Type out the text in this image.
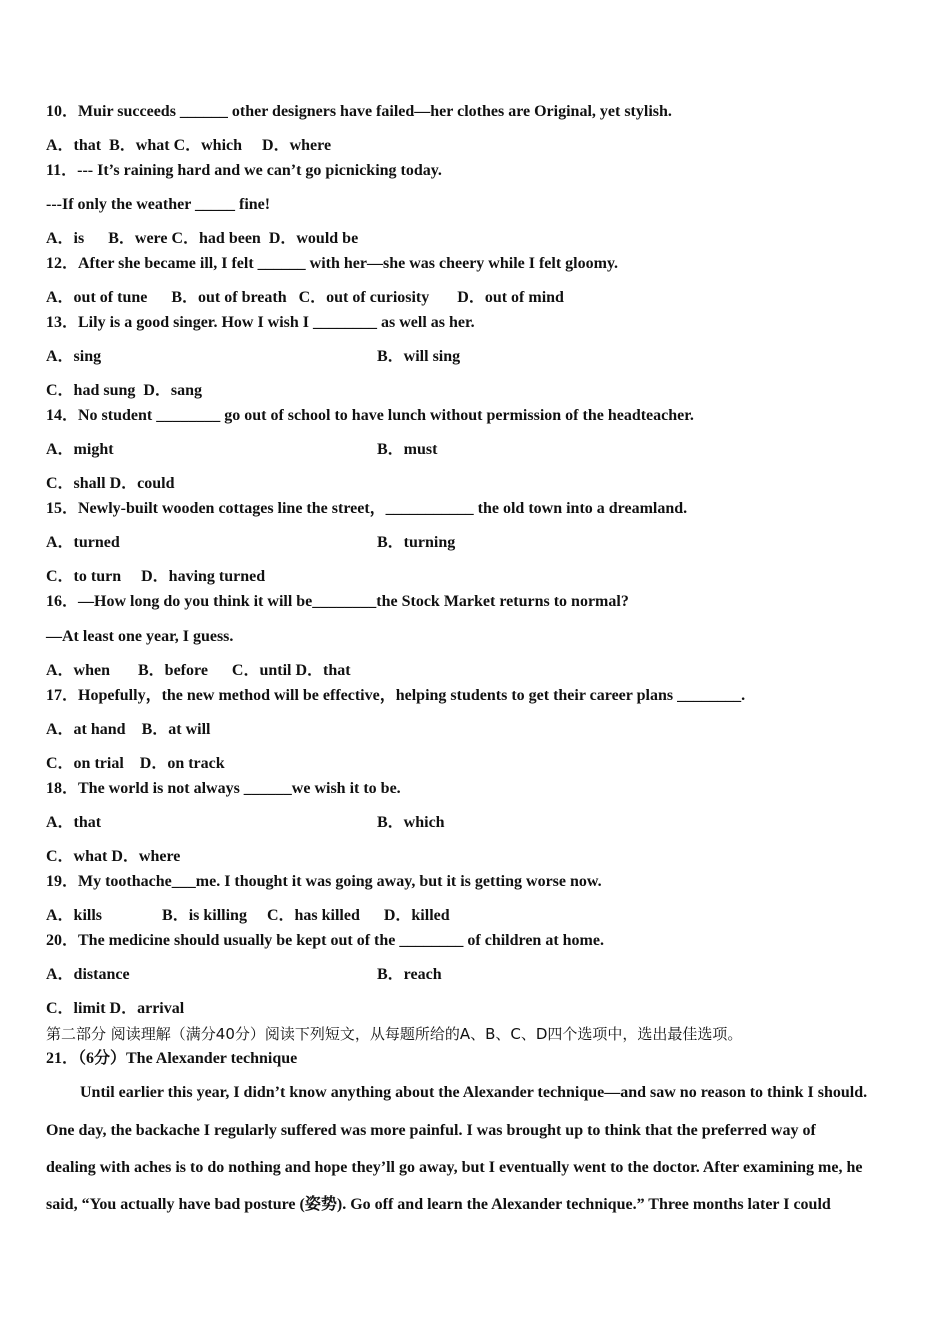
10．Muir succeeds ______ other designers have failed—her clothes are Original, yet stylish.
A．that  B．what C．which     D．where
11．--- It’s raining hard and we can’t go picnicking today.
---If only the weather _____ fine!
A．is      B．were C．had been  D．would be
12．After she became ill, I felt ______ with her—she was cheery while I felt gloomy.
A．out of tune      B．out of breath   C．out of curiosity       D．out of mind
13．Lily is a good singer. How I wish I ________ as well as her.
A．sing	B．will sing
C．had sung  D．sang
14．No student ________ go out of school to have lunch without permission of the headteacher.
A．might	B．must
C．shall D．could
15．Newly-built wooden cottages line the street，___________ the old town into a dreamland.
A．turned	B．turning
C．to turn     D．having turned
16．—How long do you think it will be________the Stock Market returns to normal?
—At least one year, I guess.
A．when       B．before      C．until D．that
17．Hopefully，the new method will be effective，helping students to get their career plans ________.
A．at hand    B．at will
C．on trial    D．on track
18．The world is not always ______we wish it to be.
A．that	B．which
C．what D．where
19．My toothache___me. I thought it was going away, but it is getting worse now.
A．kills               B．is killing     C．has killed      D．killed
20．The medicine should usually be kept out of the ________ of children at home.
A．distance	B．reach
C．limit D．arrival
第二部分 阅读理解（满分40分）阅读下列短文，从每题所给的A、B、C、D四个选项中，选出最佳选项。
21．（6分）The Alexander technique
Until earlier this year, I didn’t know anything about the Alexander technique—and saw no reason to think I should.
One day, the backache I regularly suffered was more painful. I was brought up to think that the preferred way of
dealing with aches is to do nothing and hope they’ll go away, but I eventually went to the doctor. After examining me, he
said, “You actually have bad posture (姿势). Go off and learn the Alexander technique.” Three months later I could
